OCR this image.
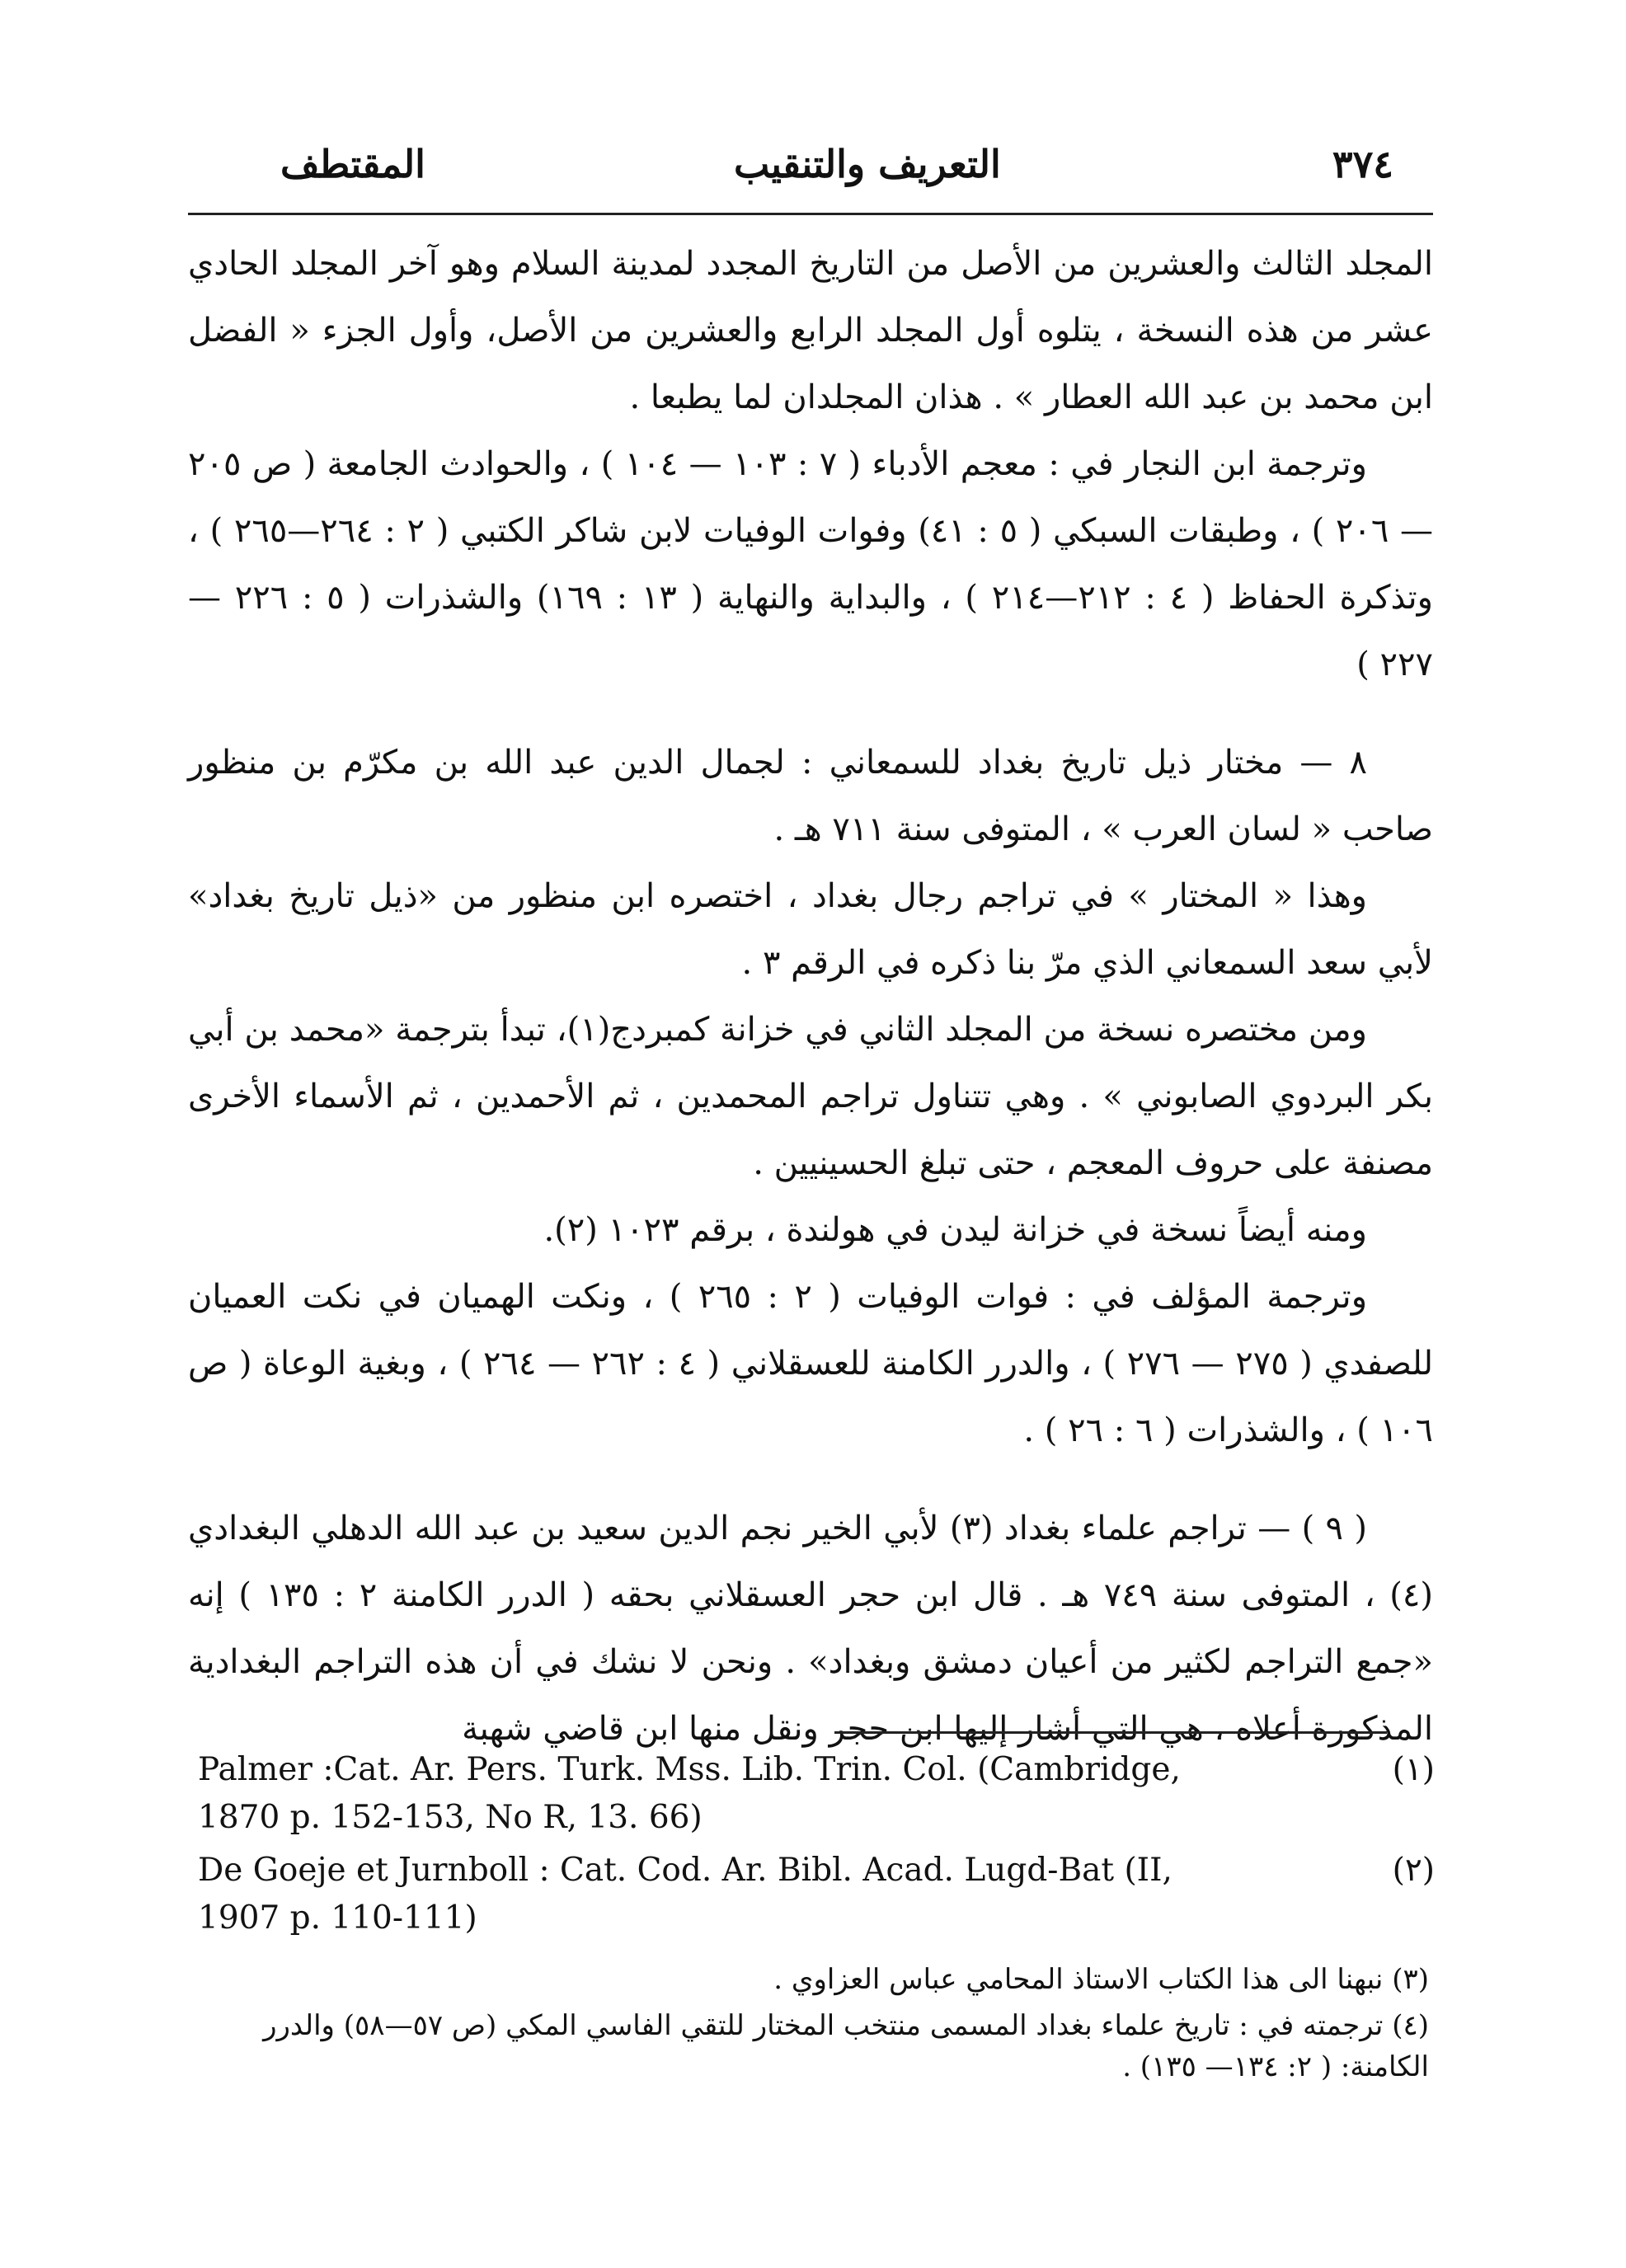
٣٧٤
التعريف والتنقيب
المقتطف

المجلد الثالث والعشرين من الأصل من التاريخ المجدد لمدينة السلام وهو آخر المجلد الحادي عشر من هذه النسخة ، يتلوه أول المجلد الرابع والعشرين من الأصل، وأول الجزء « الفضل ابن محمد بن عبد الله العطار » . هذان المجلدان لما يطبعا .

وترجمة ابن النجار في : معجم الأدباء ( ٧ : ١٠٣ — ١٠٤ ) ، والحوادث الجامعة ( ص ٢٠٥ — ٢٠٦ ) ، وطبقات السبكي ( ٥ : ٤١) وفوات الوفيات لابن شاكر الكتبي ( ٢ : ٢٦٤—٢٦٥ ) ، وتذكرة الحفاظ ( ٤ : ٢١٢—٢١٤ ) ، والبداية والنهاية ( ١٣ : ١٦٩) والشذرات ( ٥ : ٢٢٦ — ٢٢٧ )

٨ — مختار ذيل تاريخ بغداد للسمعاني : لجمال الدين عبد الله بن مكرّم بن منظور صاحب « لسان العرب » ، المتوفى سنة ٧١١ هـ .

وهذا « المختار » في تراجم رجال بغداد ، اختصره ابن منظور من «ذيل تاريخ بغداد» لأبي سعد السمعاني الذي مرّ بنا ذكره في الرقم ٣ .

ومن مختصره نسخة من المجلد الثاني في خزانة كمبردج(١)، تبدأ بترجمة «محمد بن أبي بكر البردوي الصابوني » . وهي تتناول تراجم المحمدين ، ثم الأحمدين ، ثم الأسماء الأخرى مصنفة على حروف المعجم ، حتى تبلغ الحسينيين .

ومنه أيضاً نسخة في خزانة ليدن في هولندة ، برقم ١٠٢٣ (٢).

وترجمة المؤلف في : فوات الوفيات ( ٢ : ٢٦٥ ) ، ونكت الهميان في نكت العميان للصفدي ( ٢٧٥ — ٢٧٦ ) ، والدرر الكامنة للعسقلاني ( ٤ : ٢٦٢ — ٢٦٤ ) ، وبغية الوعاة ( ص ١٠٦ ) ، والشذرات ( ٦ : ٢٦ ) .

( ٩ ) — تراجم علماء بغداد (٣) لأبي الخير نجم الدين سعيد بن عبد الله الدهلي البغدادي (٤) ، المتوفى سنة ٧٤٩ هـ . قال ابن حجر العسقلاني بحقه ( الدرر الكامنة ٢ : ١٣٥ ) إنه «جمع التراجم لكثير من أعيان دمشق وبغداد» . ونحن لا نشك في أن هذه التراجم البغدادية المذكورة أعلاه ، هي التي أشار إليها ابن حجر ونقل منها ابن قاضي شهبة

(١)
Palmer :Cat. Ar. Pers. Turk. Mss. Lib. Trin. Col. (Cambridge,
1870 p. 152-153, No R, 13. 66)
(٢)
De Goeje et Jurnboll : Cat. Cod. Ar. Bibl. Acad. Lugd-Bat (II,
1907 p. 110-111)
(٣) نبهنا الى هذا الكتاب الاستاذ المحامي عباس العزاوي .
(٤) ترجمته في : تاريخ علماء بغداد المسمى منتخب المختار للتقي الفاسي المكي (ص ٥٧—٥٨) والدرر الكامنة: ( ٢: ١٣٤— ١٣٥) .
